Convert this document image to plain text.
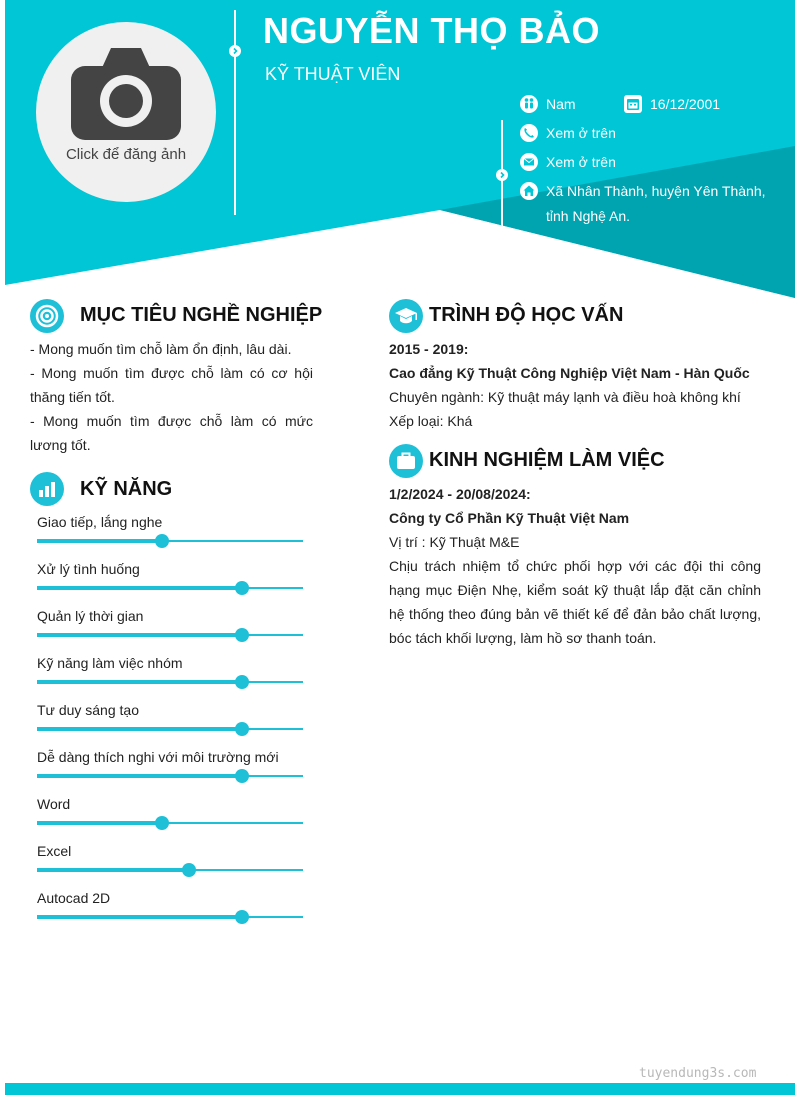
Click để đăng ảnh
NGUYỄN THỌ BẢO
KỸ THUẬT VIÊN
Nam	16/12/2001
Xem ở trên
Xem ở trên
Xã Nhân Thành, huyện Yên Thành,
tỉnh Nghệ An.
MỤC TIÊU NGHỀ NGHIỆP

- Mong muốn tìm chỗ làm ổn định, lâu dài.

- Mong muốn tìm được chỗ làm có cơ hội thăng tiến tốt.

- Mong muốn tìm được chỗ làm có mức lương tốt.

KỸ NĂNG
Giao tiếp, lắng nghe
Xử lý tình huống
Quản lý thời gian
Kỹ năng làm việc nhóm
Tư duy sáng tạo
Dễ dàng thích nghi với môi trường mới
Word
Excel
Autocad 2D
TRÌNH ĐỘ HỌC VẤN
2015 - 2019:
Cao đẳng Kỹ Thuật Công Nghiệp Việt Nam - Hàn Quốc
Chuyên ngành: Kỹ thuật máy lạnh và điều hoà không khí
Xếp loại: Khá
KINH NGHIỆM LÀM VIỆC
1/2/2024 - 20/08/2024:
Công ty Cổ Phần Kỹ Thuật Việt Nam
Vị trí : Kỹ Thuật M&E
Chịu trách nhiệm tổ chức phối hợp với các đội thi công hạng mục Điện Nhẹ, kiểm soát kỹ thuật lắp đặt căn chỉnh hệ thống theo đúng bản vẽ thiết kế để đản bảo chất lượng, bóc tách khối lượng, làm hồ sơ thanh toán.
tuyendung3s.com
